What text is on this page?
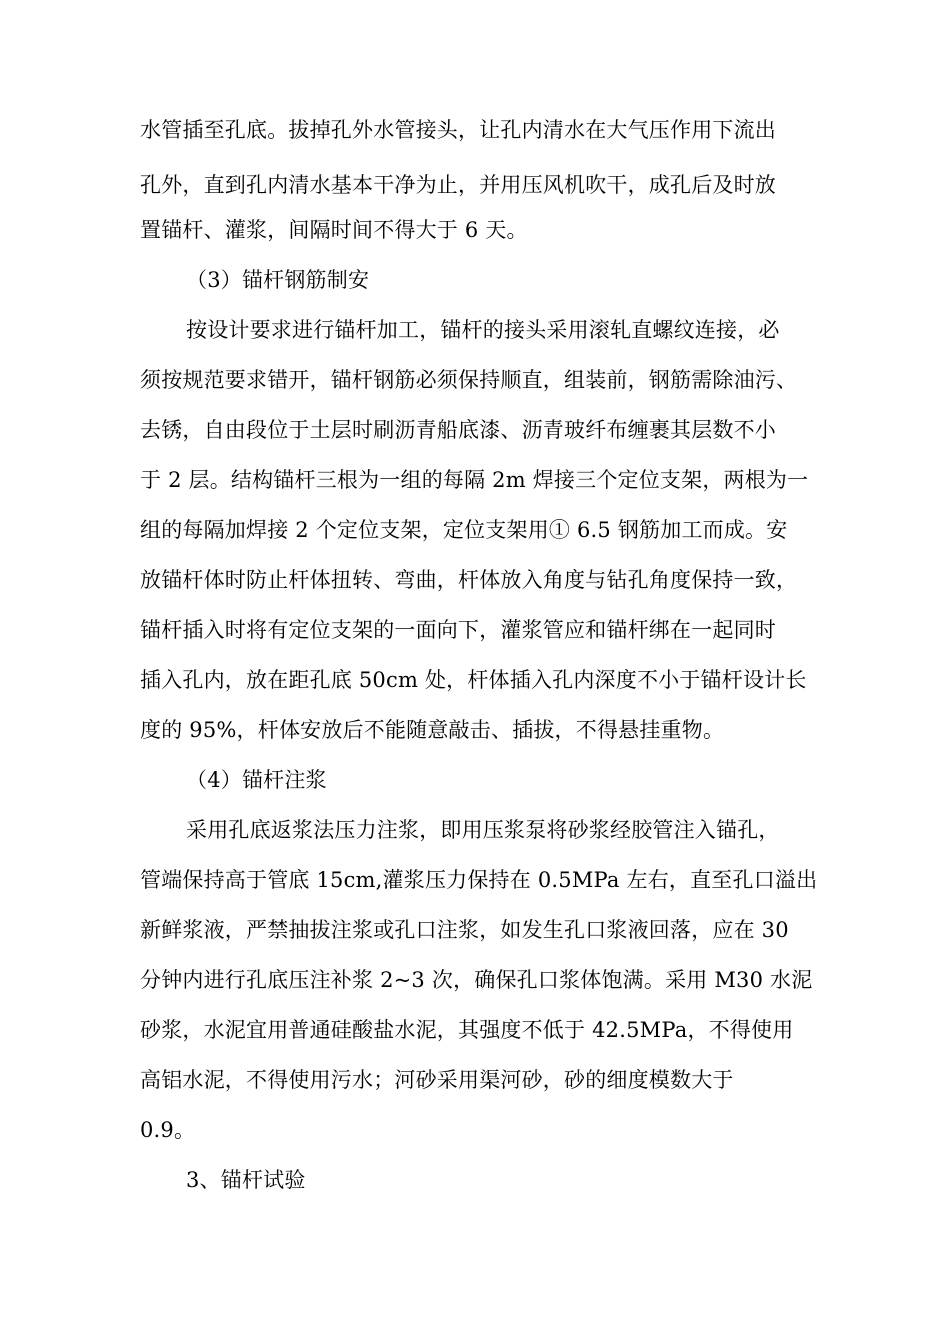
水管插至孔底。拔掉孔外水管接头，让孔内清水在大气压作用下流出
孔外，直到孔内清水基本干净为止，并用压风机吹干，成孔后及时放
置锚杆、灌浆，间隔时间不得大于 6 天。
（3）锚杆钢筋制安
按设计要求进行锚杆加工，锚杆的接头采用滚轧直螺纹连接，必
须按规范要求错开，锚杆钢筋必须保持顺直，组装前，钢筋需除油污、
去锈，自由段位于土层时刷沥青船底漆、沥青玻纤布缠裹其层数不小
于 2 层。结构锚杆三根为一组的每隔 2m 焊接三个定位支架，两根为一
组的每隔加焊接 2 个定位支架，定位支架用① 6.5 钢筋加工而成。安
放锚杆体时防止杆体扭转、弯曲，杆体放入角度与钻孔角度保持一致，
锚杆插入时将有定位支架的一面向下，灌浆管应和锚杆绑在一起同时
插入孔内，放在距孔底 50cm 处，杆体插入孔内深度不小于锚杆设计长
度的 95%，杆体安放后不能随意敲击、插拔，不得悬挂重物。
（4）锚杆注浆
采用孔底返浆法压力注浆，即用压浆泵将砂浆经胶管注入锚孔，
管端保持高于管底 15cm,灌浆压力保持在 0.5MPa 左右，直至孔口溢出
新鲜浆液，严禁抽拔注浆或孔口注浆，如发生孔口浆液回落，应在 30
分钟内进行孔底压注补浆 2~3 次，确保孔口浆体饱满。采用 M30 水泥
砂浆，水泥宜用普通硅酸盐水泥，其强度不低于 42.5MPa，不得使用
高铝水泥，不得使用污水；河砂采用渠河砂，砂的细度模数大于
0.9。
3、锚杆试验
